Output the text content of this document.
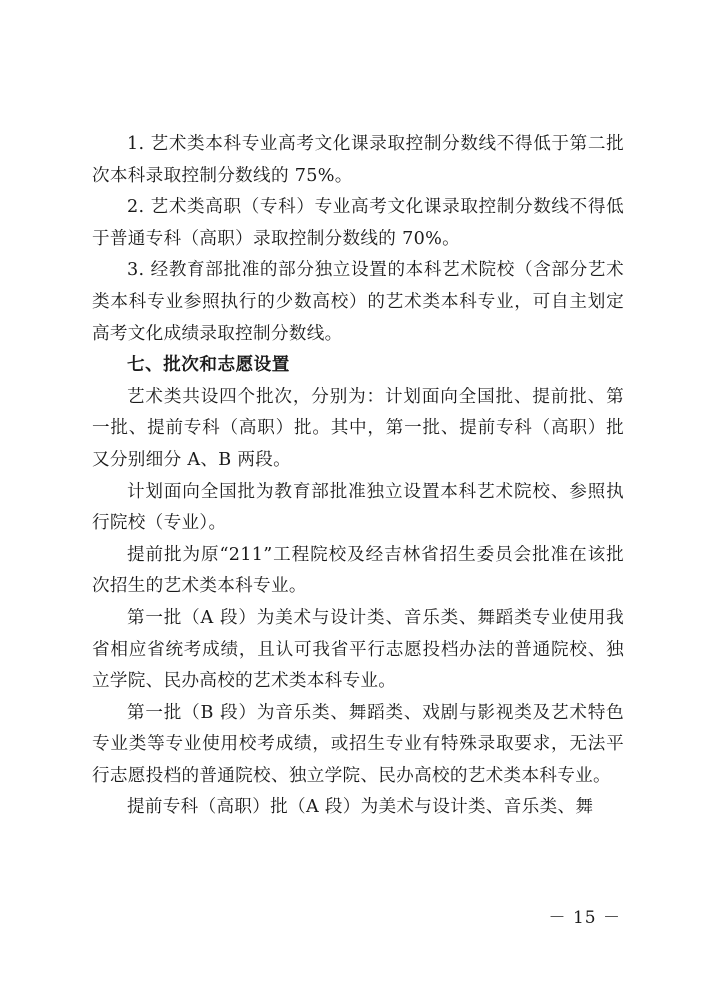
1. 艺术类本科专业高考文化课录取控制分数线不得低于第二批次本科录取控制分数线的 75%。

2. 艺术类高职（专科）专业高考文化课录取控制分数线不得低于普通专科（高职）录取控制分数线的 70%。

3. 经教育部批准的部分独立设置的本科艺术院校（含部分艺术类本科专业参照执行的少数高校）的艺术类本科专业，可自主划定高考文化成绩录取控制分数线。

七、批次和志愿设置

艺术类共设四个批次，分别为：计划面向全国批、提前批、第一批、提前专科（高职）批。其中，第一批、提前专科（高职）批又分别细分 A、B 两段。

计划面向全国批为教育部批准独立设置本科艺术院校、参照执行院校（专业）。

提前批为原“211”工程院校及经吉林省招生委员会批准在该批次招生的艺术类本科专业。

第一批（A 段）为美术与设计类、音乐类、舞蹈类专业使用我省相应省统考成绩，且认可我省平行志愿投档办法的普通院校、独立学院、民办高校的艺术类本科专业。

第一批（B 段）为音乐类、舞蹈类、戏剧与影视类及艺术特色专业类等专业使用校考成绩，或招生专业有特殊录取要求，无法平行志愿投档的普通院校、独立学院、民办高校的艺术类本科专业。

提前专科（高职）批（A 段）为美术与设计类、音乐类、舞

－ 15 －
